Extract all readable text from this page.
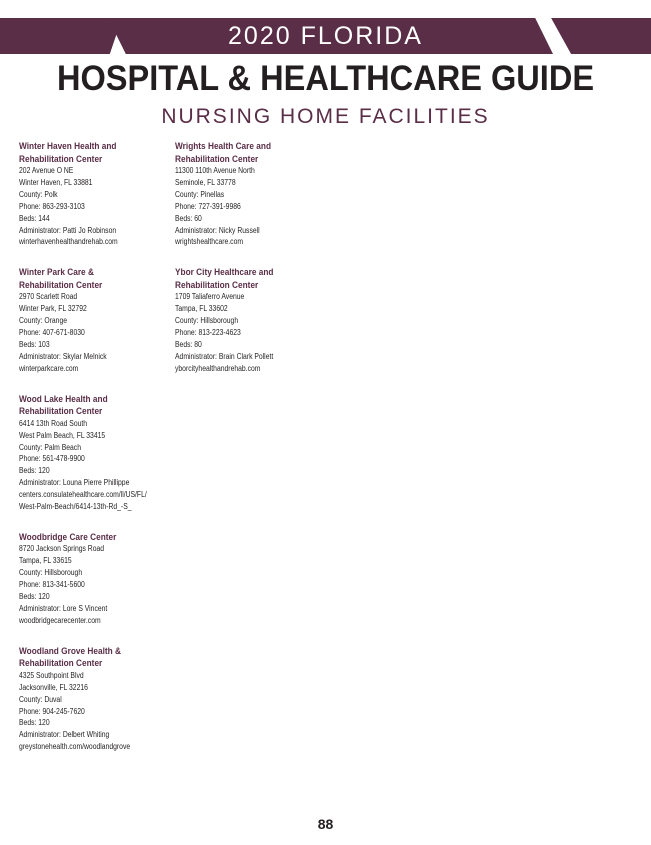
2020 FLORIDA
HOSPITAL & HEALTHCARE GUIDE
NURSING HOME FACILITIES
Winter Haven Health and
Rehabilitation Center
202 Avenue O NE
Winter Haven, FL 33881
County: Polk
Phone: 863-293-3103
Beds: 144
Administrator: Patti Jo Robinson
winterhavenhealthandrehab.com
Winter Park Care &
Rehabilitation Center
2970 Scarlett Road
Winter Park, FL 32792
County: Orange
Phone: 407-671-8030
Beds: 103
Administrator: Skylar Melnick
winterparkcare.com
Wood Lake Health and
Rehabilitation Center
6414 13th Road South
West Palm Beach, FL 33415
County: Palm Beach
Phone: 561-478-9900
Beds: 120
Administrator: Louna Pierre Phillippe
centers.consulatehealthcare.com/ll/US/FL/
West-Palm-Beach/6414-13th-Rd_-S_
Woodbridge Care Center
8720 Jackson Springs Road
Tampa, FL 33615
County: Hillsborough
Phone: 813-341-5600
Beds: 120
Administrator: Lore S Vincent
woodbridgecarecenter.com
Woodland Grove Health &
Rehabilitation Center
4325 Southpoint Blvd
Jacksonville, FL 32216
County: Duval
Phone: 904-245-7620
Beds: 120
Administrator: Delbert Whiting
greystonehealth.com/woodlandgrove
Wrights Health Care and
Rehabilitation Center
11300 110th Avenue North
Seminole, FL 33778
County: Pinellas
Phone: 727-391-9986
Beds: 60
Administrator: Nicky Russell
wrightshealthcare.com
Ybor City Healthcare and
Rehabilitation Center
1709 Taliaferro Avenue
Tampa, FL 33602
County: Hillsborough
Phone: 813-223-4623
Beds: 80
Administrator: Brain Clark Pollett
yborcityhealthandrehab.com
88
